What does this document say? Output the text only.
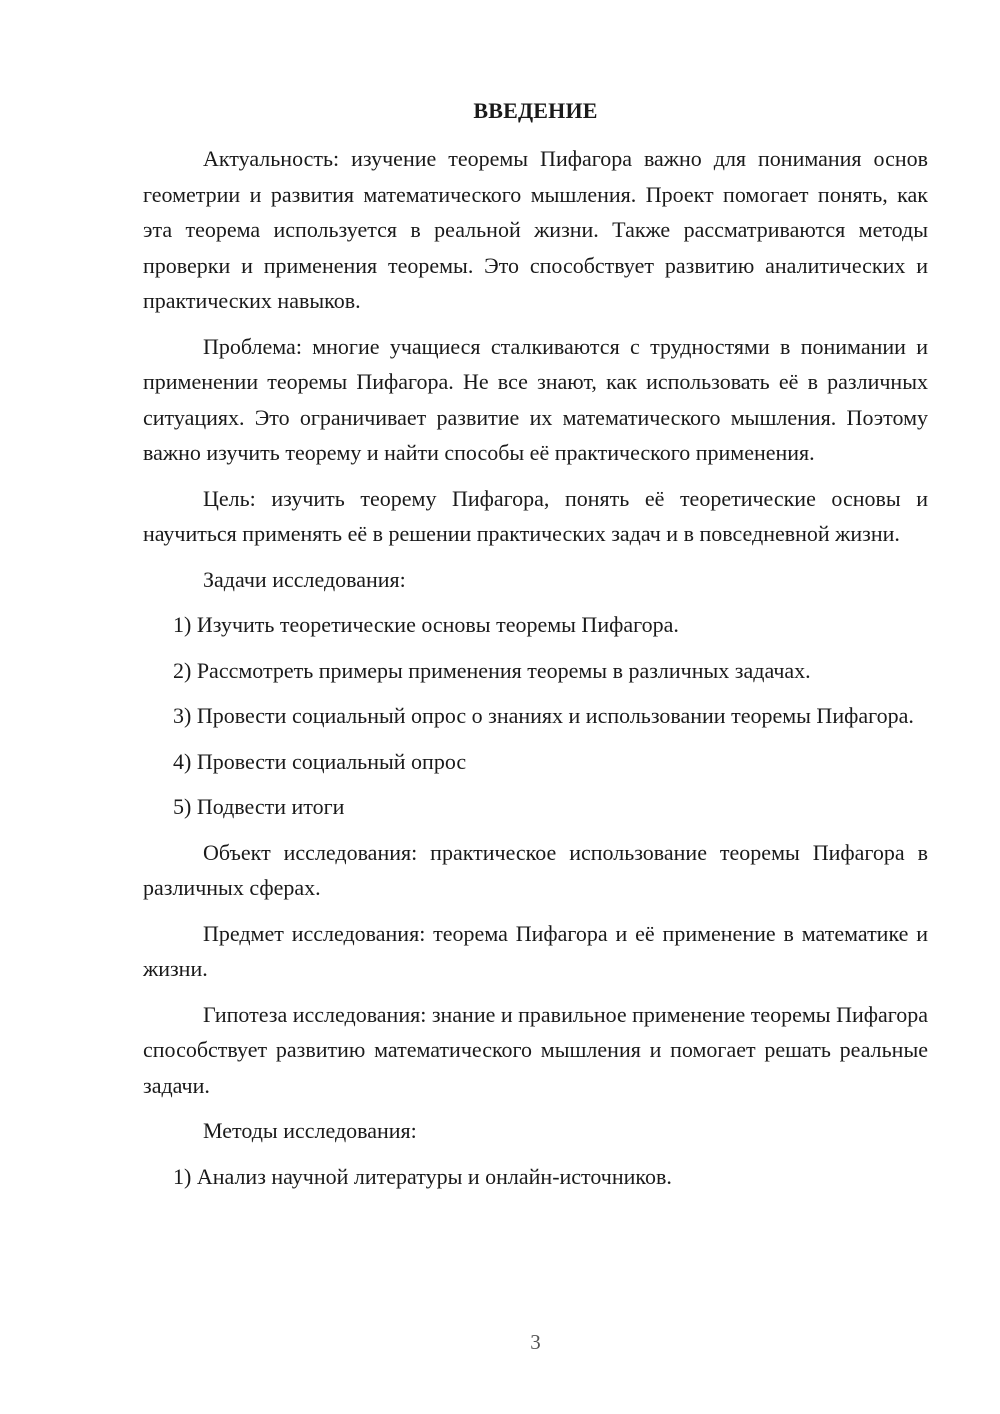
ВВЕДЕНИЕ

Актуальность: изучение теоремы Пифагора важно для понимания основ геометрии и развития математического мышления. Проект помогает понять, как эта теорема используется в реальной жизни. Также рассматриваются методы проверки и применения теоремы. Это способствует развитию аналитических и практических навыков.

Проблема: многие учащиеся сталкиваются с трудностями в понимании и применении теоремы Пифагора. Не все знают, как использовать её в различных ситуациях. Это ограничивает развитие их математического мышления. Поэтому важно изучить теорему и найти способы её практического применения.

Цель: изучить теорему Пифагора, понять её теоретические основы и научиться применять её в решении практических задач и в повседневной жизни.

Задачи исследования:

1) Изучить теоретические основы теоремы Пифагора.

2) Рассмотреть примеры применения теоремы в различных задачах.

3) Провести социальный опрос о знаниях и использовании теоремы Пифагора.

4) Провести социальный опрос

5) Подвести итоги

Объект исследования: практическое использование теоремы Пифагора в различных сферах.

Предмет исследования: теорема Пифагора и её применение в математике и жизни.

Гипотеза исследования: знание и правильное применение теоремы Пифагора способствует развитию математического мышления и помогает решать реальные задачи.

Методы исследования:

1) Анализ научной литературы и онлайн-источников.

3
